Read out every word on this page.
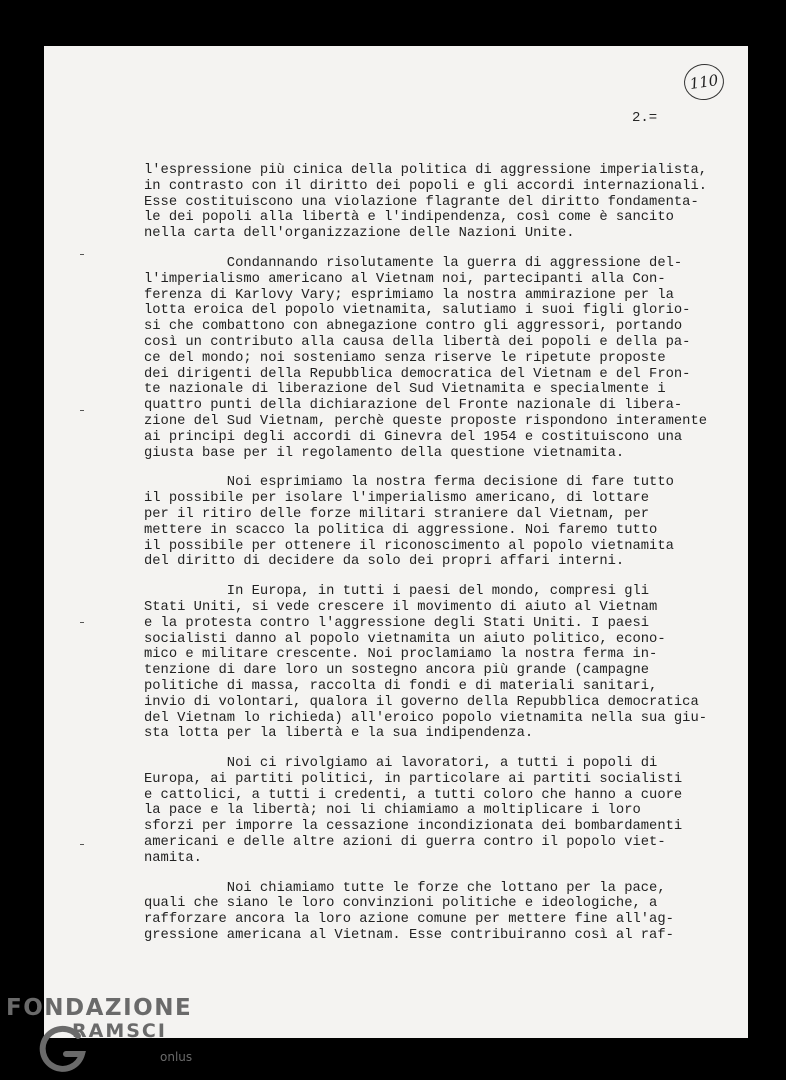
110
2.=
l'espressione più cinica della politica di aggressione imperialista,
in contrasto con il diritto dei popoli e gli accordi internazionali.
Esse costituiscono una violazione flagrante del diritto fondamenta-
le dei popoli alla libertà e l'indipendenza, così come è sancito
nella carta dell'organizzazione delle Nazioni Unite.
Condannando risolutamente la guerra di aggressione del-
l'imperialismo americano al Vietnam noi, partecipanti alla Con-
ferenza di Karlovy Vary; esprimiamo la nostra ammirazione per la
lotta eroica del popolo vietnamita, salutiamo i suoi figli glorio-
si che combattono con abnegazione contro gli aggressori, portando
così un contributo alla causa della libertà dei popoli e della pa-
ce del mondo; noi sosteniamo senza riserve le ripetute proposte
dei dirigenti della Repubblica democratica del Vietnam e del Fron-
te nazionale di liberazione del Sud Vietnamita e specialmente i
quattro punti della dichiarazione del Fronte nazionale di libera-
zione del Sud Vietnam, perchè queste proposte rispondono interamente
ai principi degli accordi di Ginevra del 1954 e costituiscono una
giusta base per il regolamento della questione vietnamita.
Noi esprimiamo la nostra ferma decisione di fare tutto
il possibile per isolare l'imperialismo americano, di lottare
per il ritiro delle forze militari straniere dal Vietnam, per
mettere in scacco la politica di aggressione. Noi faremo tutto
il possibile per ottenere il riconoscimento al popolo vietnamita
del diritto di decidere da solo dei propri affari interni.
In Europa, in tutti i paesi del mondo, compresi gli
Stati Uniti, si vede crescere il movimento di aiuto al Vietnam
e la protesta contro l'aggressione degli Stati Uniti. I paesi
socialisti danno al popolo vietnamita un aiuto politico, econo-
mico e militare crescente. Noi proclamiamo la nostra ferma in-
tenzione di dare loro un sostegno ancora più grande (campagne
politiche di massa, raccolta di fondi e di materiali sanitari,
invio di volontari, qualora il governo della Repubblica democratica
del Vietnam lo richieda) all'eroico popolo vietnamita nella sua giu-
sta lotta per la libertà e la sua indipendenza.
Noi ci rivolgiamo ai lavoratori, a tutti i popoli di
Europa, ai partiti politici, in particolare ai partiti socialisti
e cattolici, a tutti i credenti, a tutti coloro che hanno a cuore
la pace e la libertà; noi li chiamiamo a moltiplicare i loro
sforzi per imporre la cessazione incondizionata dei bombardamenti
americani e delle altre azioni di guerra contro il popolo viet-
namita.
Noi chiamiamo tutte le forze che lottano per la pace,
quali che siano le loro convinzioni politiche e ideologiche, a
rafforzare ancora la loro azione comune per mettere fine all'ag-
gressione americana al Vietnam. Esse contribuiranno così al raf-
FONDAZIONE
RAMSCI
onlus
